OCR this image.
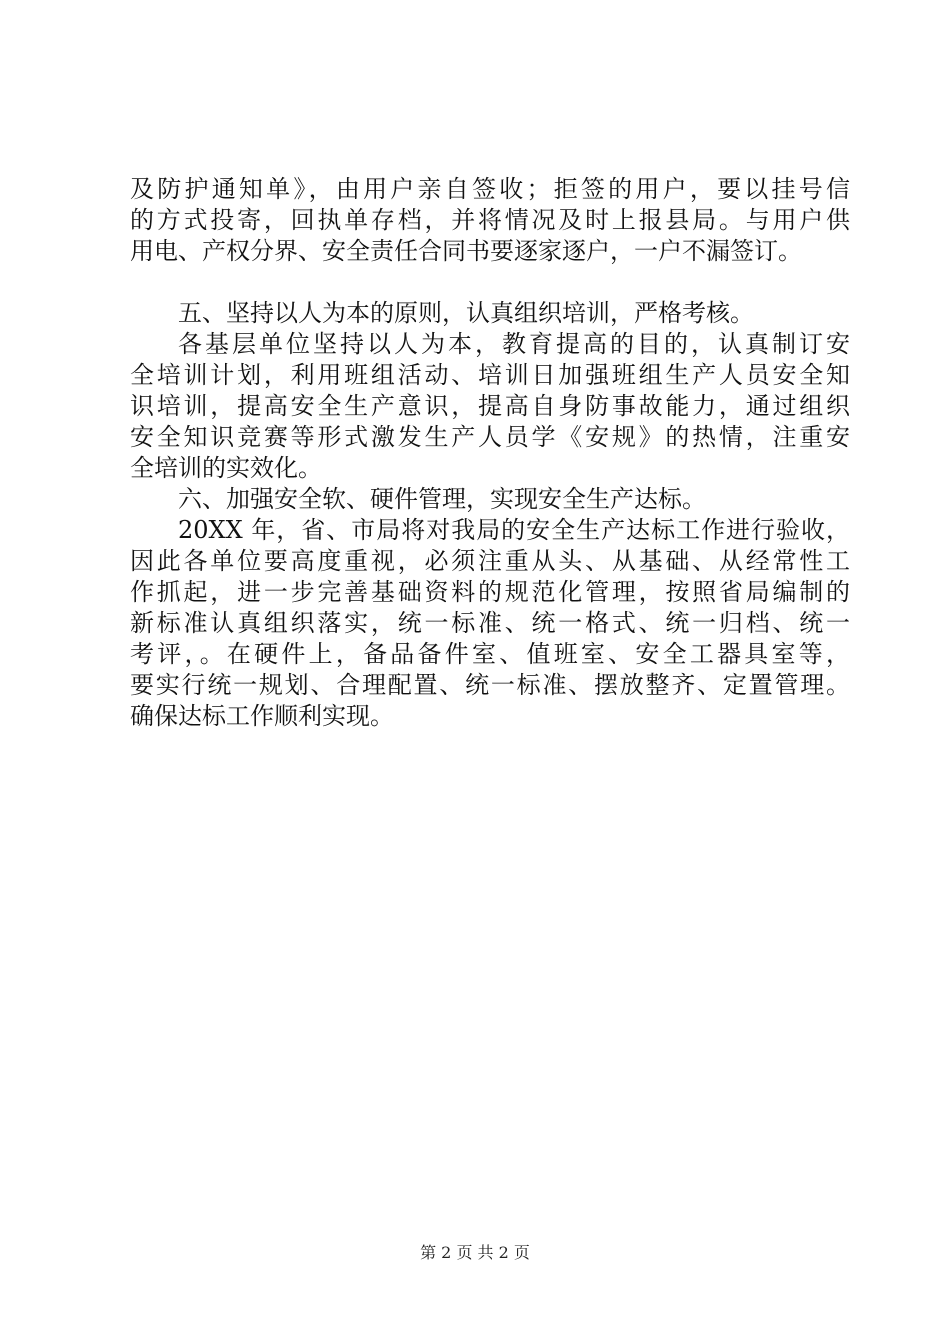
及防护通知单》，由用户亲自签收；拒签的用户，要以挂号信
的方式投寄，回执单存档，并将情况及时上报县局。与用户供
用电、产权分界、安全责任合同书要逐家逐户，一户不漏签订。
五、坚持以人为本的原则，认真组织培训，严格考核。
各基层单位坚持以人为本，教育提高的目的，认真制订安
全培训计划，利用班组活动、培训日加强班组生产人员安全知
识培训，提高安全生产意识，提高自身防事故能力，通过组织
安全知识竞赛等形式激发生产人员学《安规》的热情，注重安
全培训的实效化。
六、加强安全软、硬件管理，实现安全生产达标。
20XX 年，省、市局将对我局的安全生产达标工作进行验收，
因此各单位要高度重视，必须注重从头、从基础、从经常性工
作抓起，进一步完善基础资料的规范化管理，按照省局编制的
新标准认真组织落实，统一标准、统一格式、统一归档、统一
考评，。在硬件上，备品备件室、值班室、安全工器具室等，
要实行统一规划、合理配置、统一标准、摆放整齐、定置管理。
确保达标工作顺利实现。
第 2 页 共 2 页
